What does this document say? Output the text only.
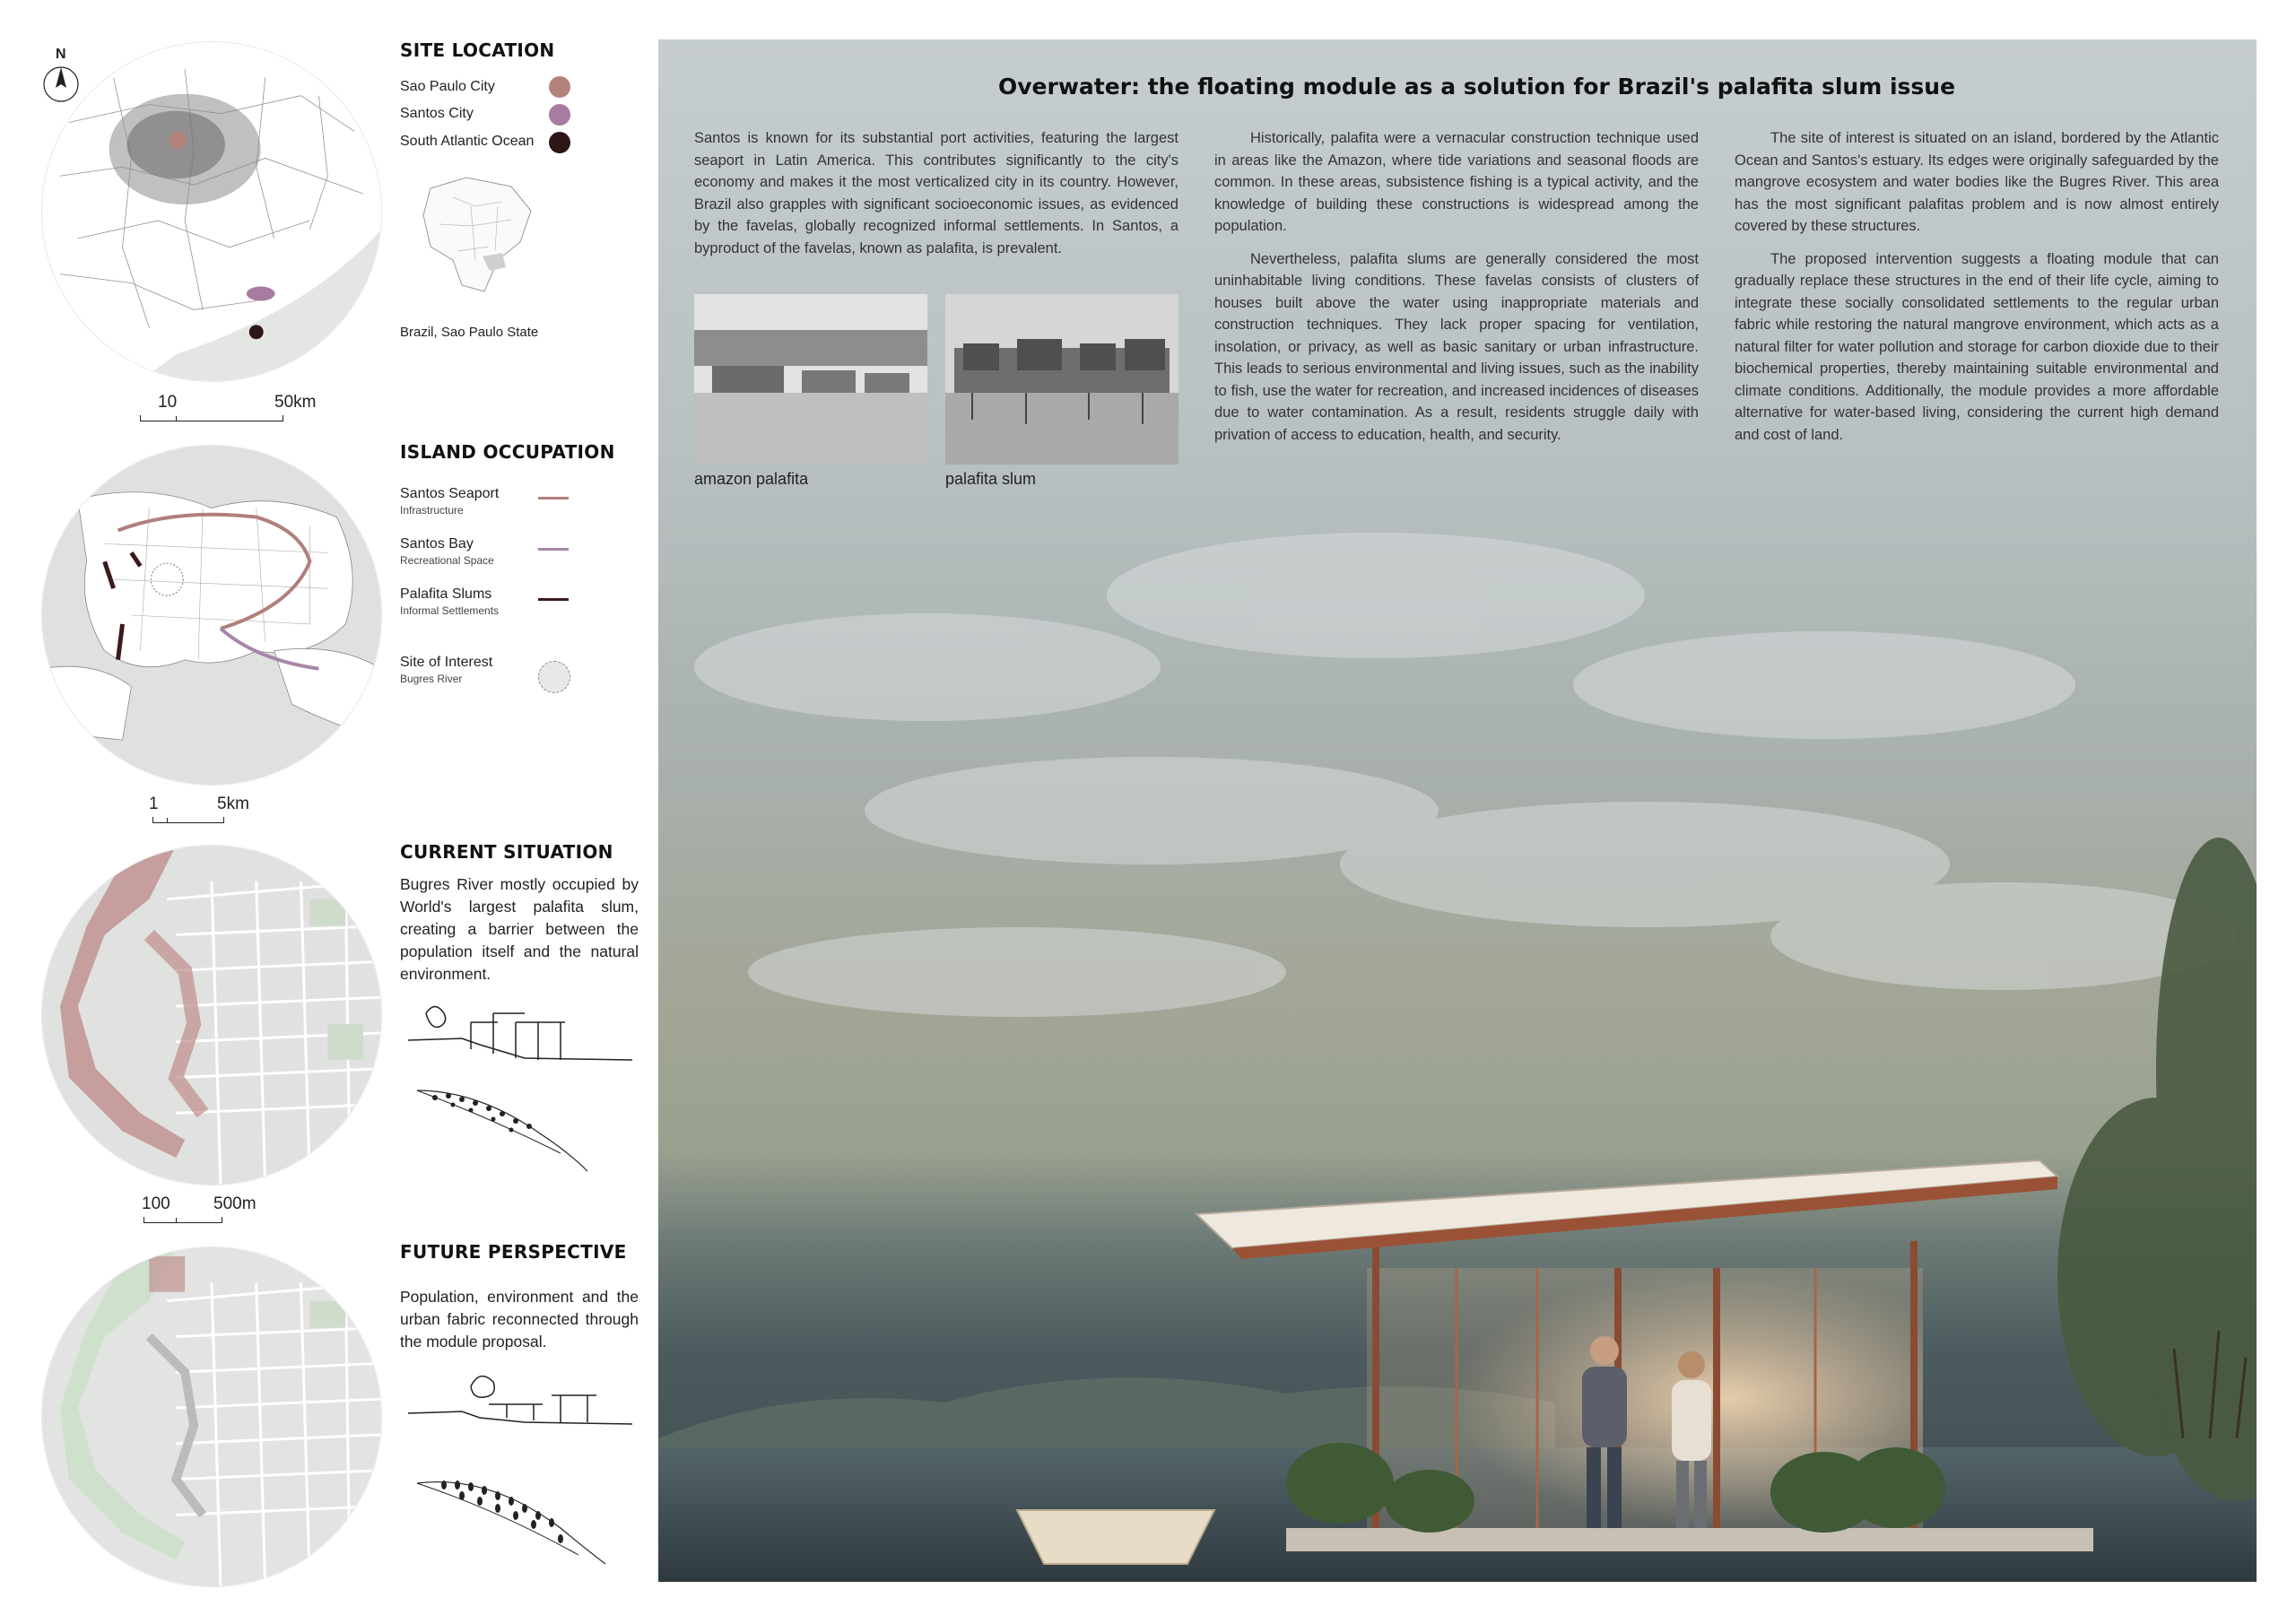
N
10	50km
SITE LOCATION
Sao Paulo City
Santos City
South Atlantic Ocean
Brazil, Sao Paulo State
1	5km
ISLAND OCCUPATION
Santos Seaport
Infrastructure
Santos Bay
Recreational Space
Palafita Slums
Informal Settlements
Site of Interest
Bugres River
100	500m
CURRENT SITUATION
Bugres River mostly occupied by World's largest palafita slum, creating a barrier between the population itself and the natural environment.
FUTURE PERSPECTIVE
Population, environment and the urban fabric reconnected through the module proposal.
Overwater: the floating module as a solution for Brazil's palafita slum issue

Santos is known for its substantial port activities, featuring the largest seaport in Latin America. This contributes significantly to the city's economy and makes it the most verticalized city in its country. However, Brazil also grapples with significant socioeconomic issues, as evidenced by the favelas, globally recognized informal settlements. In Santos, a byproduct of the favelas, known as palafita, is prevalent.

amazon palafita	palafita slum

Historically, palafita were a vernacular construction technique used in areas like the Amazon, where tide variations and seasonal floods are common. In these areas, subsistence fishing is a typical activity, and the knowledge of building these constructions is widespread among the population.

Nevertheless, palafita slums are generally considered the most uninhabitable living conditions. These favelas consists of clusters of houses built above the water using inappropriate materials and construction techniques. They lack proper spacing for ventilation, insolation, or privacy, as well as basic sanitary or urban infrastructure. This leads to serious environmental and living issues, such as the inability to fish, use the water for recreation, and increased incidences of diseases due to water contamination. As a result, residents struggle daily with privation of access to education, health, and security.

The site of interest is situated on an island, bordered by the Atlantic Ocean and Santos's estuary. Its edges were originally safeguarded by the mangrove ecosystem and water bodies like the Bugres River. This area has the most significant palafitas problem and is now almost entirely covered by these structures.

The proposed intervention suggests a floating module that can gradually replace these structures in the end of their life cycle, aiming to integrate these socially consolidated settlements to the regular urban fabric while restoring the natural mangrove environment, which acts as a natural filter for water pollution and storage for carbon dioxide due to their biochemical properties, thereby maintaining suitable environmental and climate conditions. Additionally, the module provides a more affordable alternative for water-based living, considering the current high demand and cost of land.
